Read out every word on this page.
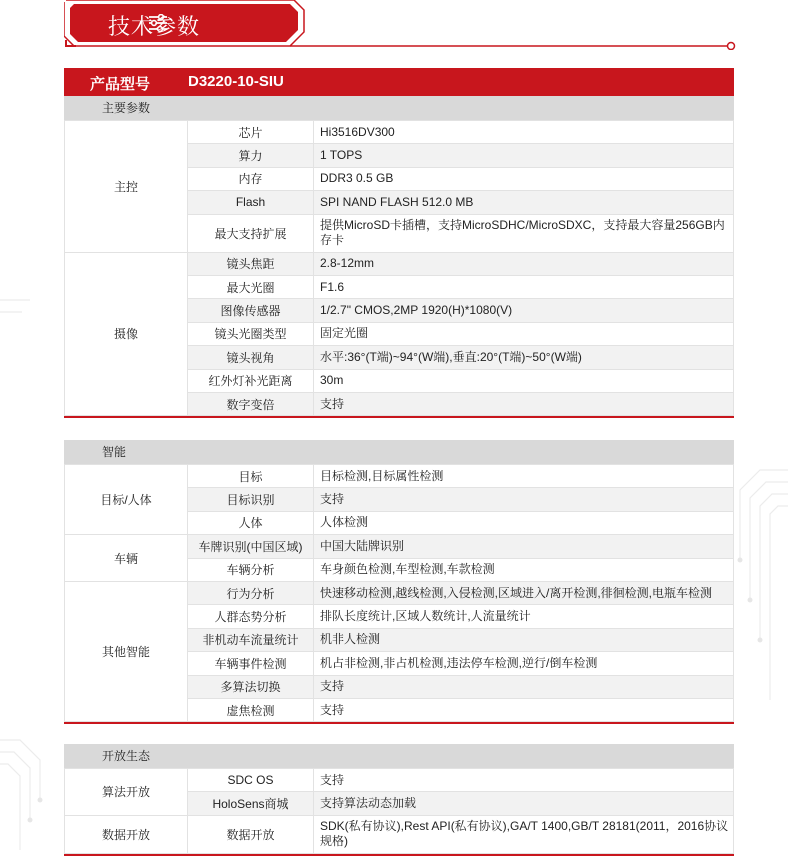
技术参数
产品型号	D3220-10-SIU
主要参数
主控	芯片	Hi3516DV300
	算力	1 TOPS
	内存	DDR3 0.5 GB
	Flash	SPI NAND FLASH 512.0 MB
	最大支持扩展	提供MicroSD卡插槽，支持MicroSDHC/MicroSDXC，支持最大容量256GB内存卡
摄像	镜头焦距	2.8-12mm
	最大光圈	F1.6
	图像传感器	1/2.7" CMOS,2MP 1920(H)*1080(V)
	镜头光圈类型	固定光圈
	镜头视角	水平:36°(T端)~94°(W端),垂直:20°(T端)~50°(W端)
	红外灯补光距离	30m
	数字变倍	支持
智能
目标/人体	目标	目标检测,目标属性检测
	目标识别	支持
	人体	人体检测
车辆	车牌识别(中国区域)	中国大陆牌识别
	车辆分析	车身颜色检测,车型检测,车款检测
其他智能	行为分析	快速移动检测,越线检测,入侵检测,区域进入/离开检测,徘徊检测,电瓶车检测
	人群态势分析	排队长度统计,区域人数统计,人流量统计
	非机动车流量统计	机非人检测
	车辆事件检测	机占非检测,非占机检测,违法停车检测,逆行/倒车检测
	多算法切换	支持
	虚焦检测	支持
开放生态
算法开放	SDC OS	支持
	HoloSens商城	支持算法动态加载
数据开放	数据开放	SDK(私有协议),Rest API(私有协议),GA/T 1400,GB/T 28181(2011，2016协议规格)
